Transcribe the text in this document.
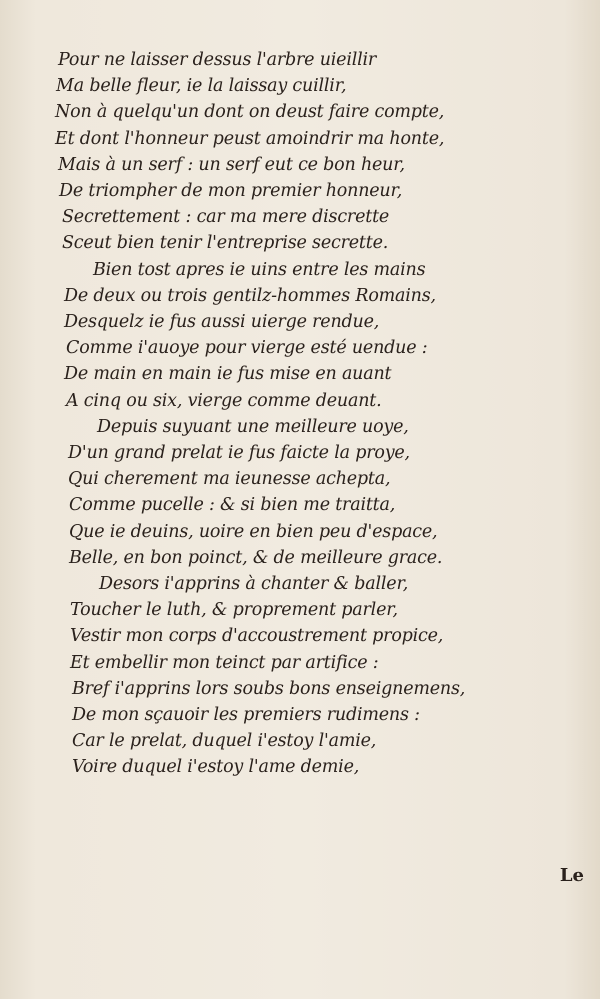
Pour ne laisser dessus l'arbre uieillir
Ma belle fleur, ie la laissay cuillir,
Non à quelqu'un dont on deust faire compte,
Et dont l'honneur peust amoindrir ma honte,
Mais à un serf : un serf eut ce bon heur,
De triompher de mon premier honneur,
Secrettement : car ma mere discrette
Sceut bien tenir l'entreprise secrette.
Bien tost apres ie uins entre les mains
De deux ou trois gentilz-hommes Romains,
Desquelz ie fus aussi uierge rendue,
Comme i'auoye pour vierge esté uendue :
De main en main ie fus mise en auant
A cinq ou six, vierge comme deuant.
Depuis suyuant une meilleure uoye,
D'un grand prelat ie fus faicte la proye,
Qui cherement ma ieunesse achepta,
Comme pucelle : & si bien me traitta,
Que ie deuins, uoire en bien peu d'espace,
Belle, en bon poinct, & de meilleure grace.
Desors i'apprins à chanter & baller,
Toucher le luth, & proprement parler,
Vestir mon corps d'accoustrement propice,
Et embellir mon teinct par artifice :
Bref i'apprins lors soubs bons enseignemens,
De mon sçauoir les premiers rudimens :
Car le prelat, duquel i'estoy l'amie,
Voire duquel i'estoy l'ame demie,
Le
